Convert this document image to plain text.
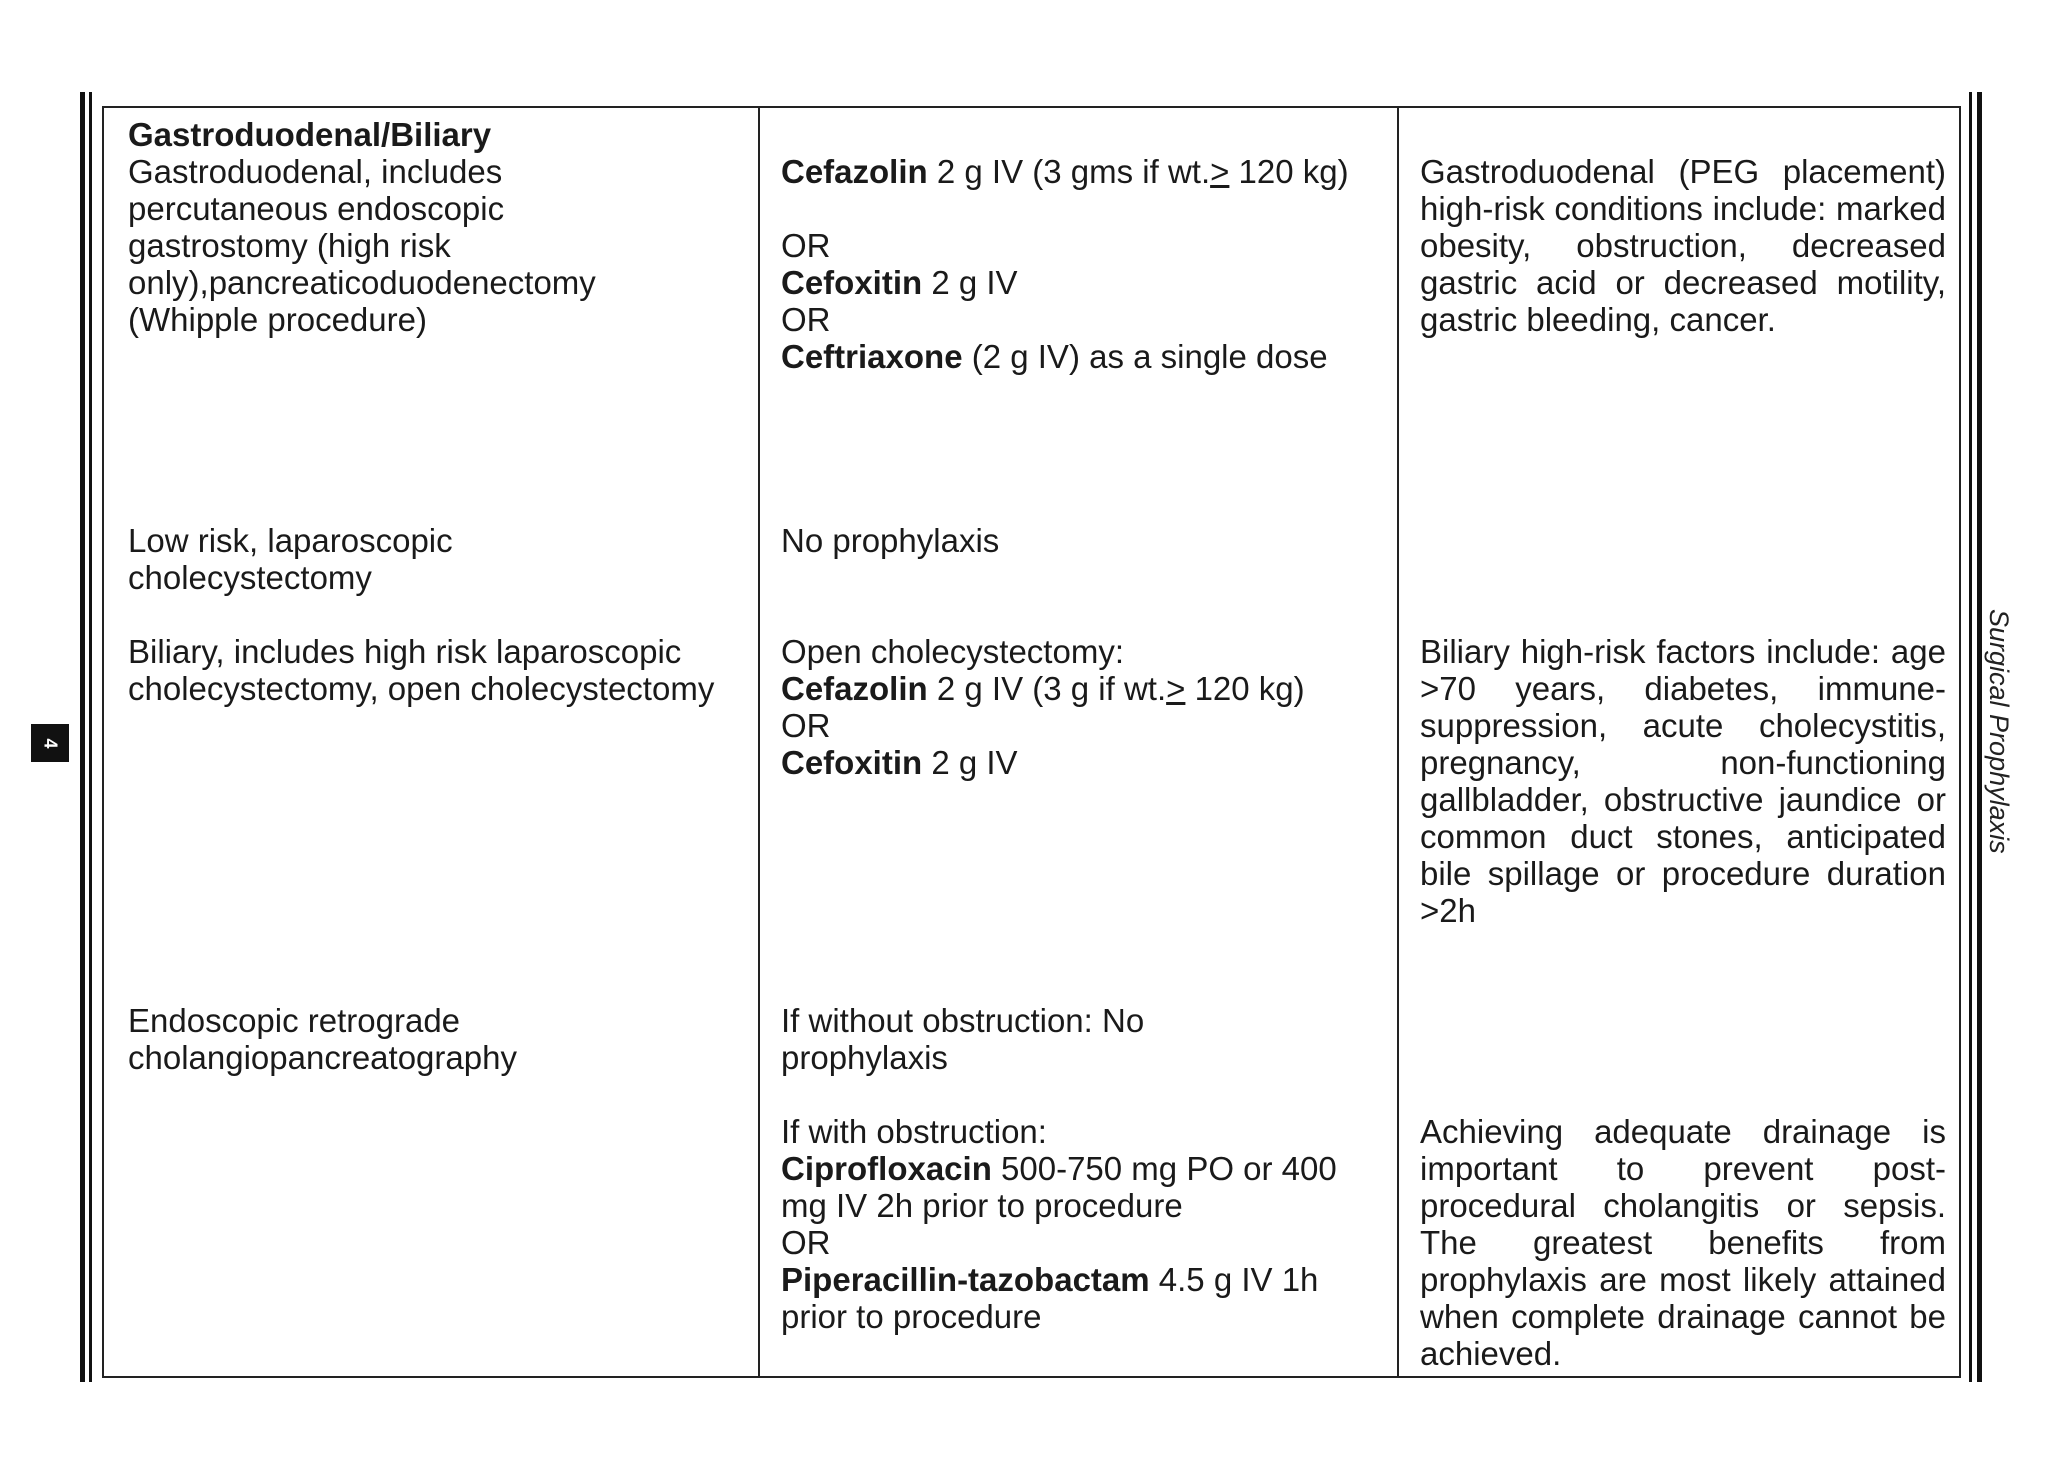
4	Surgical Prophylaxis

Gastroduodenal/Biliary

Gastroduodenal, includes percutaneous endoscopic gastrostomy (high risk only),pancreaticoduodenectomy (Whipple procedure)

Cefazolin 2 g IV (3 gms if wt.> 120 kg)

OR
Cefoxitin 2 g IV
OR
Ceftriaxone (2 g IV) as a single dose

Gastroduodenal (PEG placement) high-risk conditions include: marked obesity, obstruction, decreased gastric acid or decreased motility, gastric bleeding, cancer.

Low risk, laparoscopic cholecystectomy

No prophylaxis

Biliary, includes high risk laparoscopic cholecystectomy, open cholecystectomy

Open cholecystectomy:
Cefazolin 2 g IV (3 g if wt.> 120 kg)
OR
Cefoxitin 2 g IV

Biliary high-risk factors include: age >70 years, diabetes, immune-suppression, acute cholecystitis, pregnancy, non-functioning gallbladder, obstructive jaundice or common duct stones, anticipated bile spillage or procedure duration >2h

Endoscopic retrograde cholangiopancreatography

If without obstruction: No prophylaxis

If with obstruction:
Ciprofloxacin 500-750 mg PO or 400 mg IV 2h prior to procedure
OR
Piperacillin-tazobactam 4.5 g IV 1h prior to procedure

Achieving adequate drainage is important to prevent post-procedural cholangitis or sepsis. The greatest benefits from prophylaxis are most likely attained when complete drainage cannot be achieved.
